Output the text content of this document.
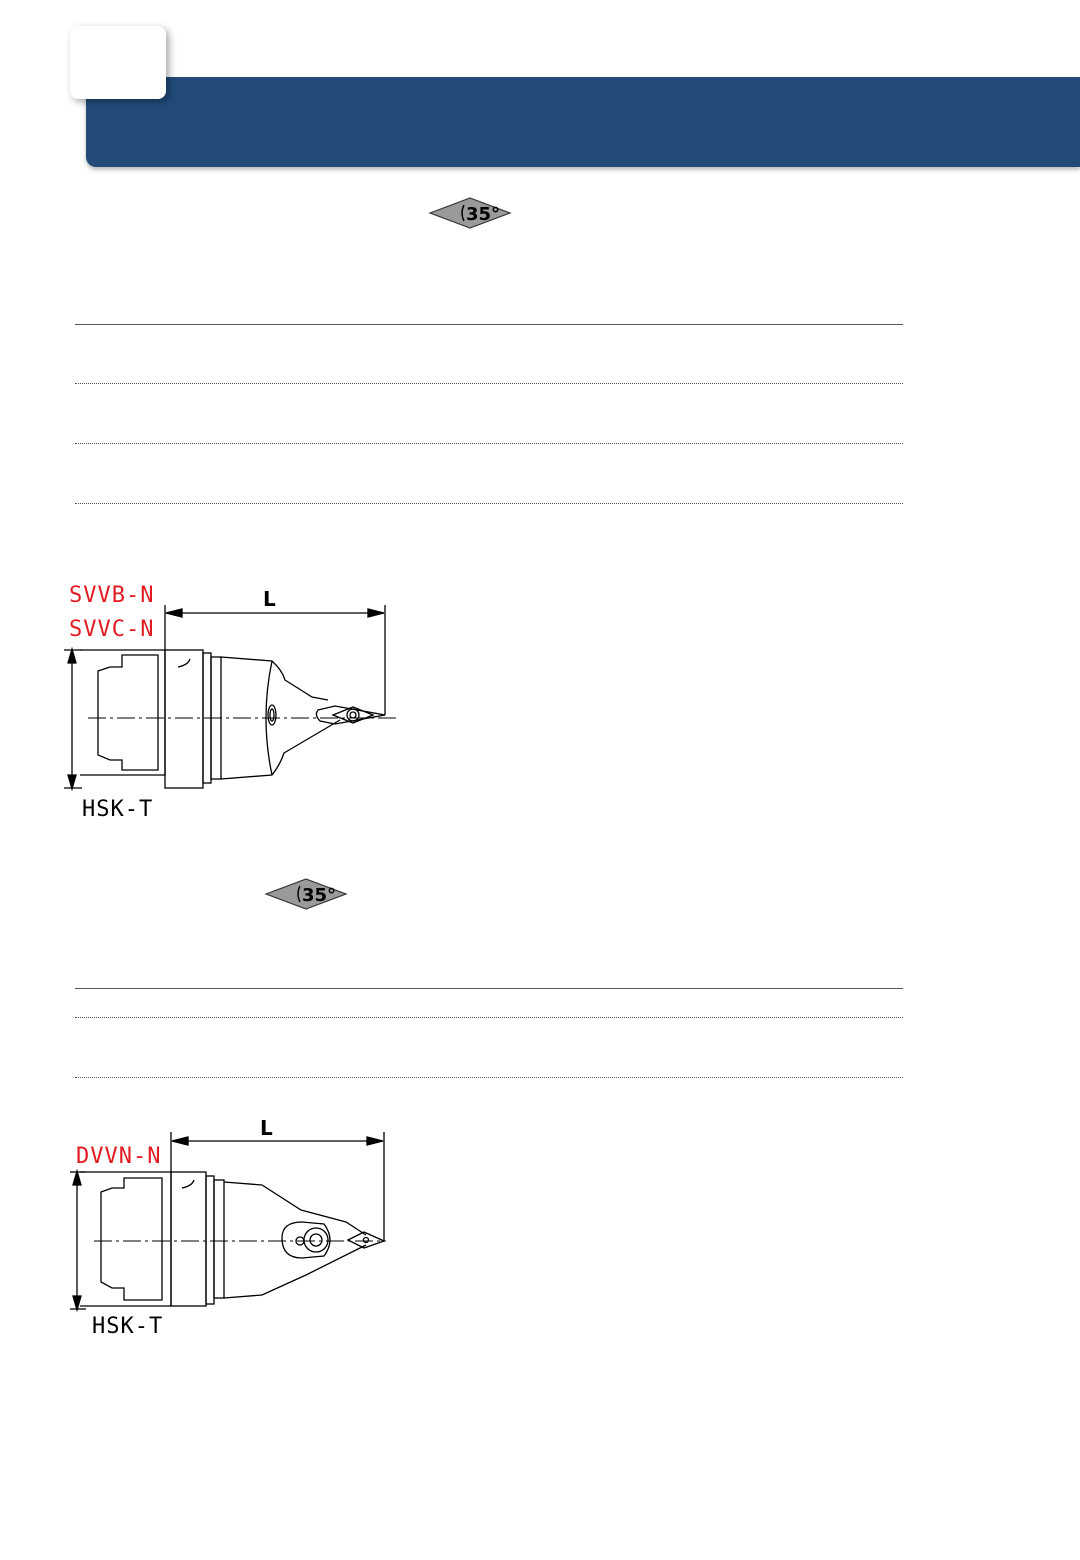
35°
L
SVVB-N
SVVC-N
HSK-T
35°
L
DVVN-N
HSK-T
